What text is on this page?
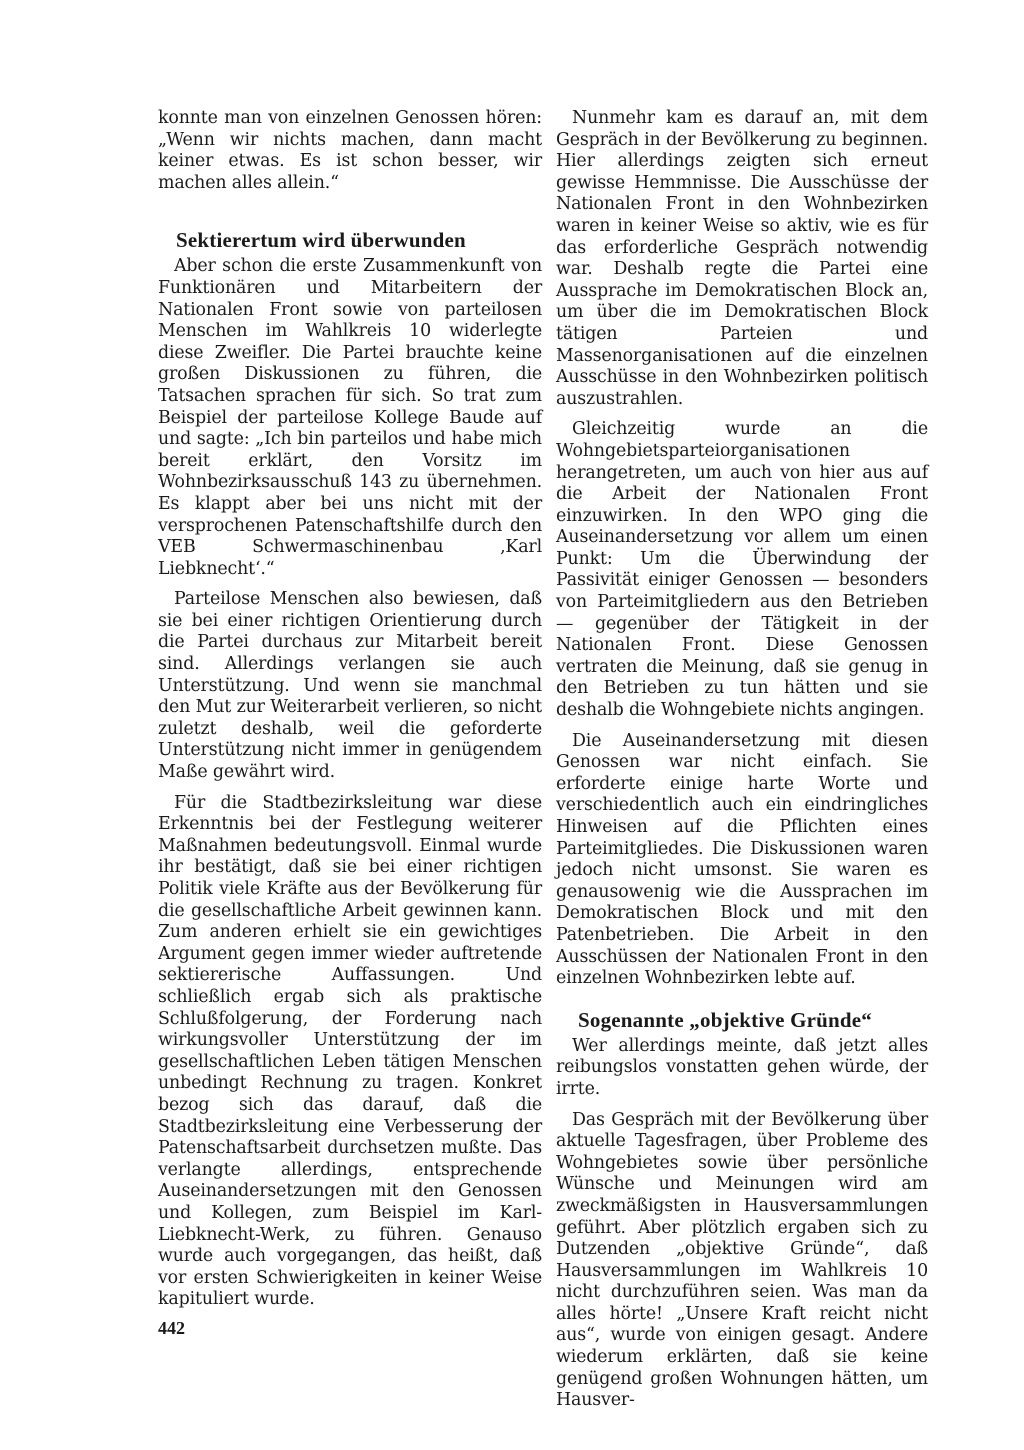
konnte man von einzelnen Genossen hören: „Wenn wir nichts machen, dann macht keiner etwas. Es ist schon besser, wir machen alles allein.“

Sektierertum wird überwunden

Aber schon die erste Zusammenkunft von Funktionären und Mitarbeitern der Nationalen Front sowie von parteilosen Menschen im Wahlkreis 10 widerlegte diese Zweifler. Die Partei brauchte keine großen Diskussionen zu führen, die Tatsachen sprachen für sich. So trat zum Beispiel der parteilose Kollege Baude auf und sagte: „Ich bin parteilos und habe mich bereit erklärt, den Vorsitz im Wohnbezirksausschuß 143 zu übernehmen. Es klappt aber bei uns nicht mit der versprochenen Patenschaftshilfe durch den VEB Schwermaschinenbau ‚Karl Liebknecht‘.“

Parteilose Menschen also bewiesen, daß sie bei einer richtigen Orientierung durch die Partei durchaus zur Mitarbeit bereit sind. Allerdings verlangen sie auch Unterstützung. Und wenn sie manchmal den Mut zur Weiterarbeit verlieren, so nicht zuletzt deshalb, weil die geforderte Unterstützung nicht immer in genügendem Maße gewährt wird.

Für die Stadtbezirksleitung war diese Erkenntnis bei der Festlegung weiterer Maßnahmen bedeutungsvoll. Einmal wurde ihr bestätigt, daß sie bei einer richtigen Politik viele Kräfte aus der Bevölkerung für die gesellschaftliche Arbeit gewinnen kann. Zum anderen erhielt sie ein gewichtiges Argument gegen immer wieder auftretende sektiererische Auffassungen. Und schließlich ergab sich als praktische Schlußfolgerung, der Forderung nach wirkungsvoller Unterstützung der im gesellschaftlichen Leben tätigen Menschen unbedingt Rechnung zu tragen. Konkret bezog sich das darauf, daß die Stadtbezirksleitung eine Verbesserung der Patenschaftsarbeit durchsetzen mußte. Das verlangte allerdings, entsprechende Auseinandersetzungen mit den Genossen und Kollegen, zum Beispiel im Karl-Liebknecht-Werk, zu führen. Genauso wurde auch vorgegangen, das heißt, daß vor ersten Schwierigkeiten in keiner Weise kapituliert wurde.

Nunmehr kam es darauf an, mit dem Gespräch in der Bevölkerung zu beginnen. Hier allerdings zeigten sich erneut gewisse Hemmnisse. Die Ausschüsse der Nationalen Front in den Wohnbezirken waren in keiner Weise so aktiv, wie es für das erforderliche Gespräch notwendig war. Deshalb regte die Partei eine Aussprache im Demokratischen Block an, um über die im Demokratischen Block tätigen Parteien und Massenorganisationen auf die einzelnen Ausschüsse in den Wohnbezirken politisch auszustrahlen.

Gleichzeitig wurde an die Wohngebietsparteiorganisationen herangetreten, um auch von hier aus auf die Arbeit der Nationalen Front einzuwirken. In den WPO ging die Auseinandersetzung vor allem um einen Punkt: Um die Überwindung der Passivität einiger Genossen — besonders von Parteimitgliedern aus den Betrieben — gegenüber der Tätigkeit in der Nationalen Front. Diese Genossen vertraten die Meinung, daß sie genug in den Betrieben zu tun hätten und sie deshalb die Wohngebiete nichts angingen.

Die Auseinandersetzung mit diesen Genossen war nicht einfach. Sie erforderte einige harte Worte und verschiedentlich auch ein eindringliches Hinweisen auf die Pflichten eines Parteimitgliedes. Die Diskussionen waren jedoch nicht umsonst. Sie waren es genausowenig wie die Aussprachen im Demokratischen Block und mit den Patenbetrieben. Die Arbeit in den Ausschüssen der Nationalen Front in den einzelnen Wohnbezirken lebte auf.

Sogenannte „objektive Gründe“

Wer allerdings meinte, daß jetzt alles reibungslos vonstatten gehen würde, der irrte.

Das Gespräch mit der Bevölkerung über aktuelle Tagesfragen, über Probleme des Wohngebietes sowie über persönliche Wünsche und Meinungen wird am zweckmäßigsten in Hausversammlungen geführt. Aber plötzlich ergaben sich zu Dutzenden „objektive Gründe“, daß Hausversammlungen im Wahlkreis 10 nicht durchzuführen seien. Was man da alles hörte! „Unsere Kraft reicht nicht aus“, wurde von einigen gesagt. Andere wiederum erklärten, daß sie keine genügend großen Wohnungen hätten, um Hausver-

442
